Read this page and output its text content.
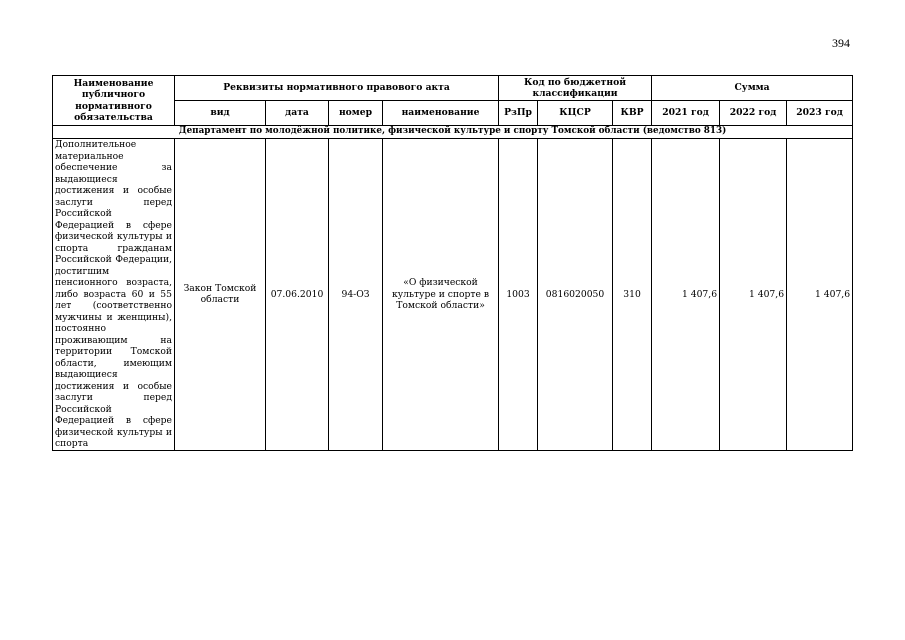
394
Наименование публичного нормативного обязательства	Реквизиты нормативного правового акта				Код по бюджетной классификации			Сумма		
	вид	дата	номер	наименование	РзПр	КЦСР	КВР	2021 год	2022 год	2023 год
Департамент по молодёжной политике, физической культуре и спорту Томской области (ведомство 813)										
Дополнительное материальное обеспечение за выдающиеся достижения и особые заслуги перед Российской Федерацией в сфере физической культуры и спорта гражданам Российской Федерации, достигшим пенсионного возраста, либо возраста 60 и 55 лет (соответственно мужчины и женщины), постоянно проживающим на территории Томской области, имеющим выдающиеся достижения и особые заслуги перед Российской Федерацией в сфере физической культуры и спорта	Закон Томской области	07.06.2010	94-ОЗ	«О физической культуре и спорте в Томской области»	1003	0816020050	310	1 407,6	1 407,6	1 407,6
